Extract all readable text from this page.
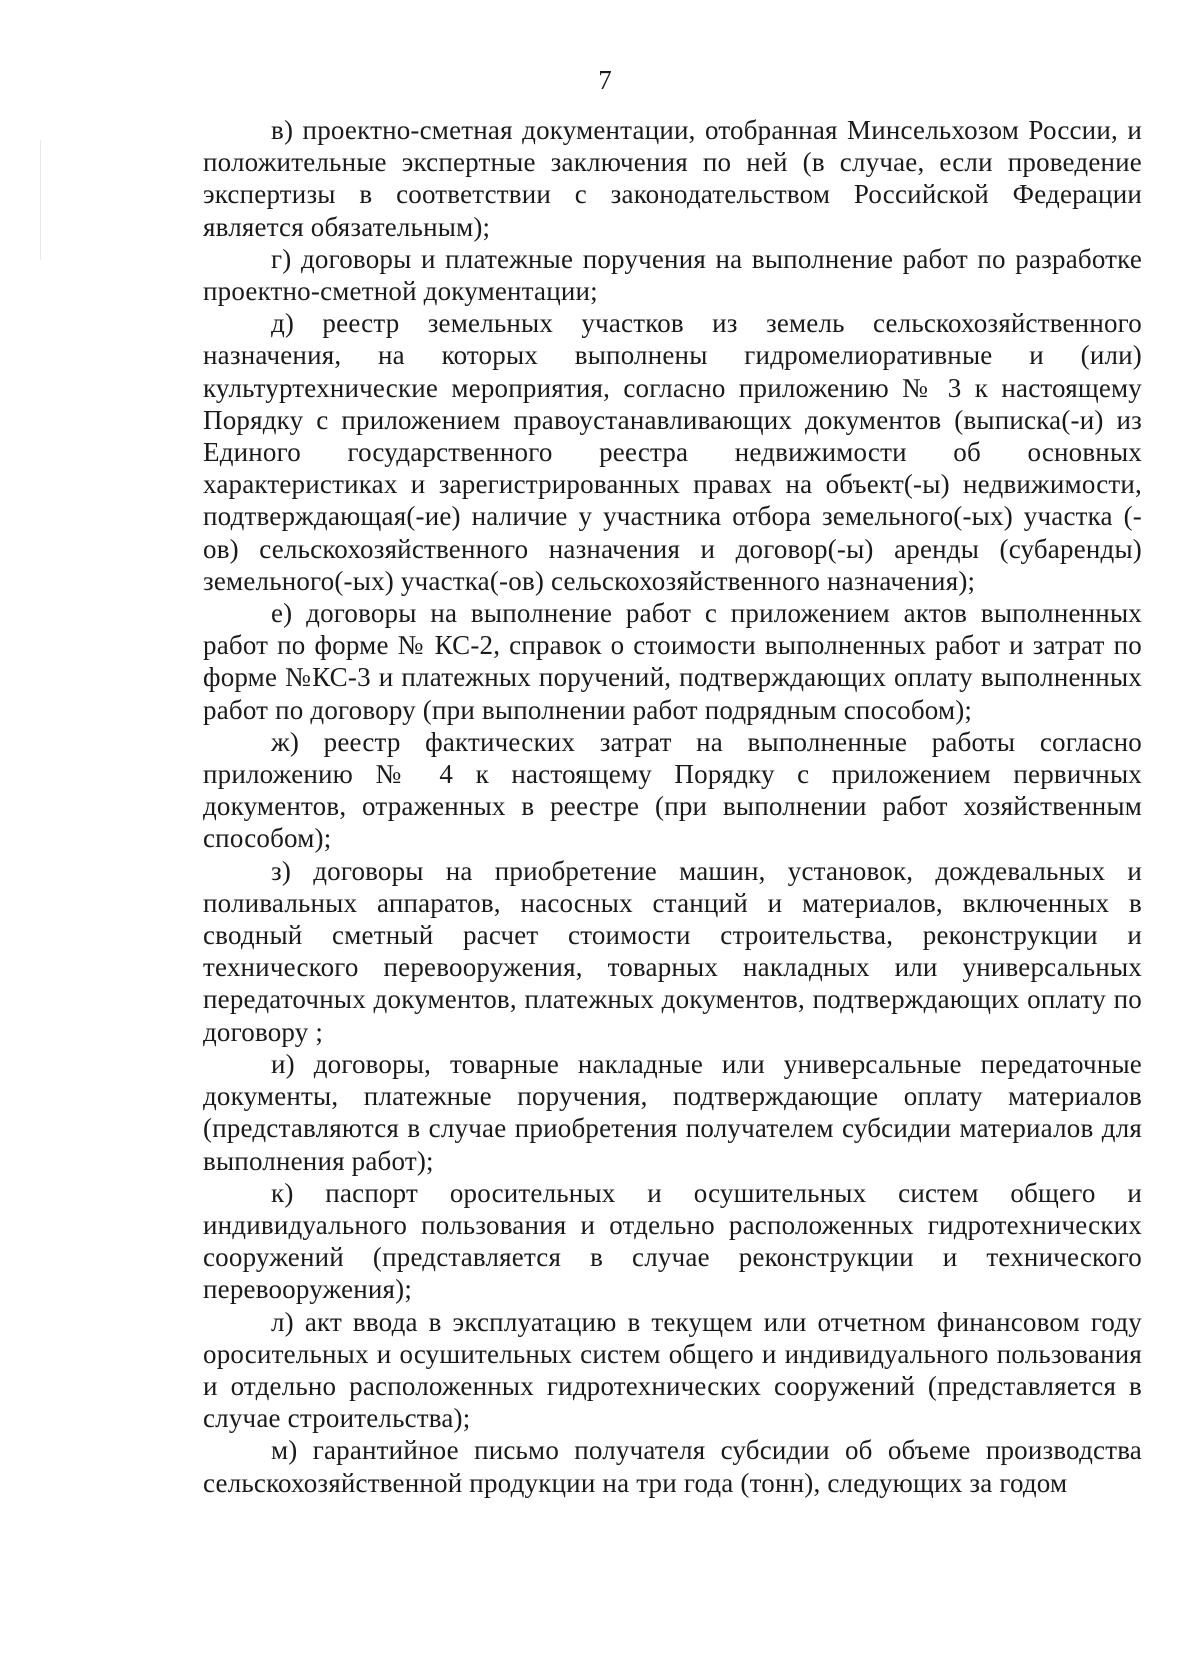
7

в) проектно-сметная документации, отобранная Минсельхозом России, и положительные экспертные заключения по ней (в случае, если проведение экспертизы в соответствии с законодательством Российской Федерации является обязательным);

г) договоры и платежные поручения на выполнение работ по разработке проектно-сметной документации;

д) реестр земельных участков из земель сельскохозяйственного назначения, на которых выполнены гидромелиоративные и (или) культуртехнические мероприятия, согласно приложению № 3 к настоящему Порядку с приложением правоустанавливающих документов (выписка(-и) из Единого государственного реестра недвижимости об основных характеристиках и зарегистрированных правах на объект(-ы) недвижимости, подтверждающая(-ие) наличие у участника отбора земельного(-ых) участка (-ов) сельскохозяйственного назначения и договор(-ы) аренды (субаренды) земельного(-ых) участка(-ов) сельскохозяйственного назначения);

е) договоры на выполнение работ с приложением актов выполненных работ по форме № КС-2, справок о стоимости выполненных работ и затрат по форме №КС-3 и платежных поручений, подтверждающих оплату выполненных работ по договору (при выполнении работ подрядным способом);

ж) реестр фактических затрат на выполненные работы согласно приложению № 4 к настоящему Порядку с приложением первичных документов, отраженных в реестре (при выполнении работ хозяйственным способом);

з) договоры на приобретение машин, установок, дождевальных и поливальных аппаратов, насосных станций и материалов, включенных в сводный сметный расчет стоимости строительства, реконструкции и технического перевооружения, товарных накладных или универсальных передаточных документов, платежных документов, подтверждающих оплату по договору ;

и) договоры, товарные накладные или универсальные передаточные документы, платежные поручения, подтверждающие оплату материалов (представляются в случае приобретения получателем субсидии материалов для выполнения работ);

к) паспорт оросительных и осушительных систем общего и индивидуального пользования и отдельно расположенных гидротехнических сооружений (представляется в случае реконструкции и технического перевооружения);

л) акт ввода в эксплуатацию в текущем или отчетном финансовом году оросительных и осушительных систем общего и индивидуального пользования и отдельно расположенных гидротехнических сооружений (представляется в случае строительства);

м) гарантийное письмо получателя субсидии об объеме производства сельскохозяйственной продукции на три года (тонн), следующих за годом
